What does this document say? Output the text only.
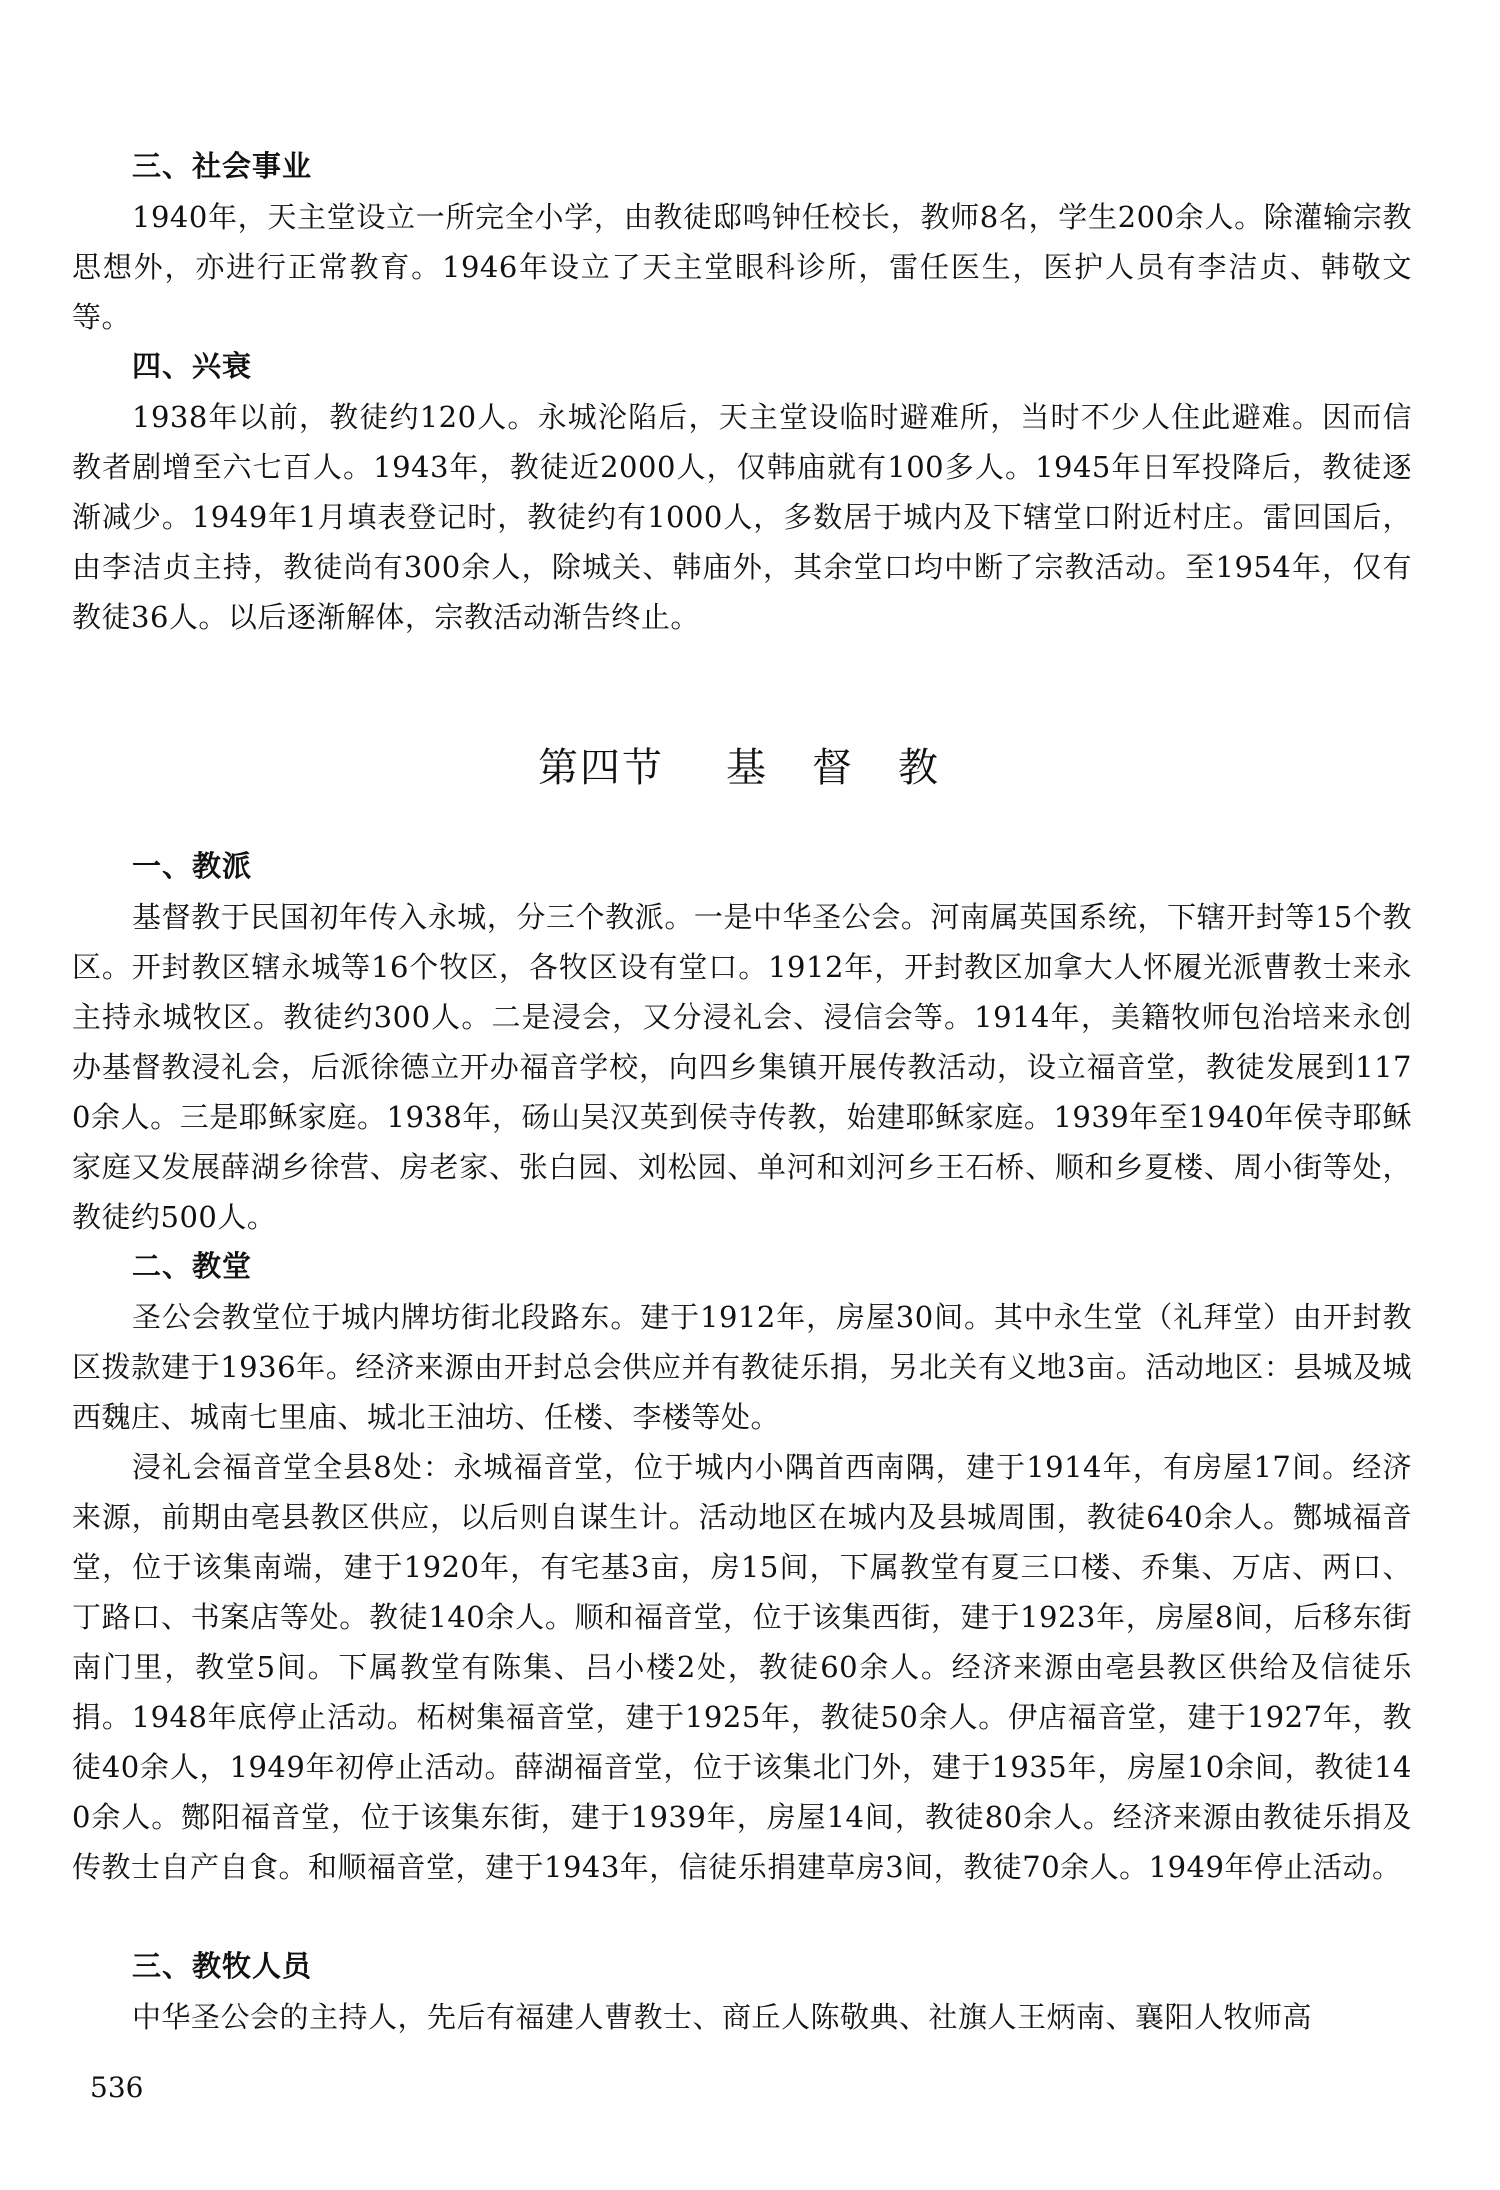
三、社会事业

1940年，天主堂设立一所完全小学，由教徒邸鸣钟任校长，教师8名，学生200余人。除灌输宗教思想外，亦进行正常教育。1946年设立了天主堂眼科诊所，雷任医生，医护人员有李洁贞、韩敬文等。

四、兴衰

1938年以前，教徒约120人。永城沦陷后，天主堂设临时避难所，当时不少人住此避难。因而信教者剧增至六七百人。1943年，教徒近2000人，仅韩庙就有100多人。1945年日军投降后，教徒逐渐减少。1949年1月填表登记时，教徒约有1000人，多数居于城内及下辖堂口附近村庄。雷回国后，由李洁贞主持，教徒尚有300余人，除城关、韩庙外，其余堂口均中断了宗教活动。至1954年，仅有教徒36人。以后逐渐解体，宗教活动渐告终止。

第四节 基 督 教
一、教派

基督教于民国初年传入永城，分三个教派。一是中华圣公会。河南属英国系统，下辖开封等15个教区。开封教区辖永城等16个牧区，各牧区设有堂口。1912年，开封教区加拿大人怀履光派曹教士来永主持永城牧区。教徒约300人。二是浸会，又分浸礼会、浸信会等。1914年，美籍牧师包治培来永创办基督教浸礼会，后派徐德立开办福音学校，向四乡集镇开展传教活动，设立福音堂，教徒发展到1170余人。三是耶稣家庭。1938年，砀山吴汉英到侯寺传教，始建耶稣家庭。1939年至1940年侯寺耶稣家庭又发展薛湖乡徐营、房老家、张白园、刘松园、单河和刘河乡王石桥、顺和乡夏楼、周小街等处，教徒约500人。

二、教堂

圣公会教堂位于城内牌坊街北段路东。建于1912年，房屋30间。其中永生堂（礼拜堂）由开封教区拨款建于1936年。经济来源由开封总会供应并有教徒乐捐，另北关有义地3亩。活动地区：县城及城西魏庄、城南七里庙、城北王油坊、任楼、李楼等处。

浸礼会福音堂全县8处：永城福音堂，位于城内小隅首西南隅，建于1914年，有房屋17间。经济来源，前期由亳县教区供应，以后则自谋生计。活动地区在城内及县城周围，教徒640余人。酂城福音堂，位于该集南端，建于1920年，有宅基3亩，房15间，下属教堂有夏三口楼、乔集、万店、两口、丁路口、书案店等处。教徒140余人。顺和福音堂，位于该集西街，建于1923年，房屋8间，后移东街南门里，教堂5间。下属教堂有陈集、吕小楼2处，教徒60余人。经济来源由亳县教区供给及信徒乐捐。1948年底停止活动。柘树集福音堂，建于1925年，教徒50余人。伊店福音堂，建于1927年，教徒40余人，1949年初停止活动。薛湖福音堂，位于该集北门外，建于1935年，房屋10余间，教徒140余人。酂阳福音堂，位于该集东街，建于1939年，房屋14间，教徒80余人。经济来源由教徒乐捐及传教士自产自食。和顺福音堂，建于1943年，信徒乐捐建草房3间，教徒70余人。1949年停止活动。

三、教牧人员

中华圣公会的主持人，先后有福建人曹教士、商丘人陈敬典、社旗人王炳南、襄阳人牧师高

536
